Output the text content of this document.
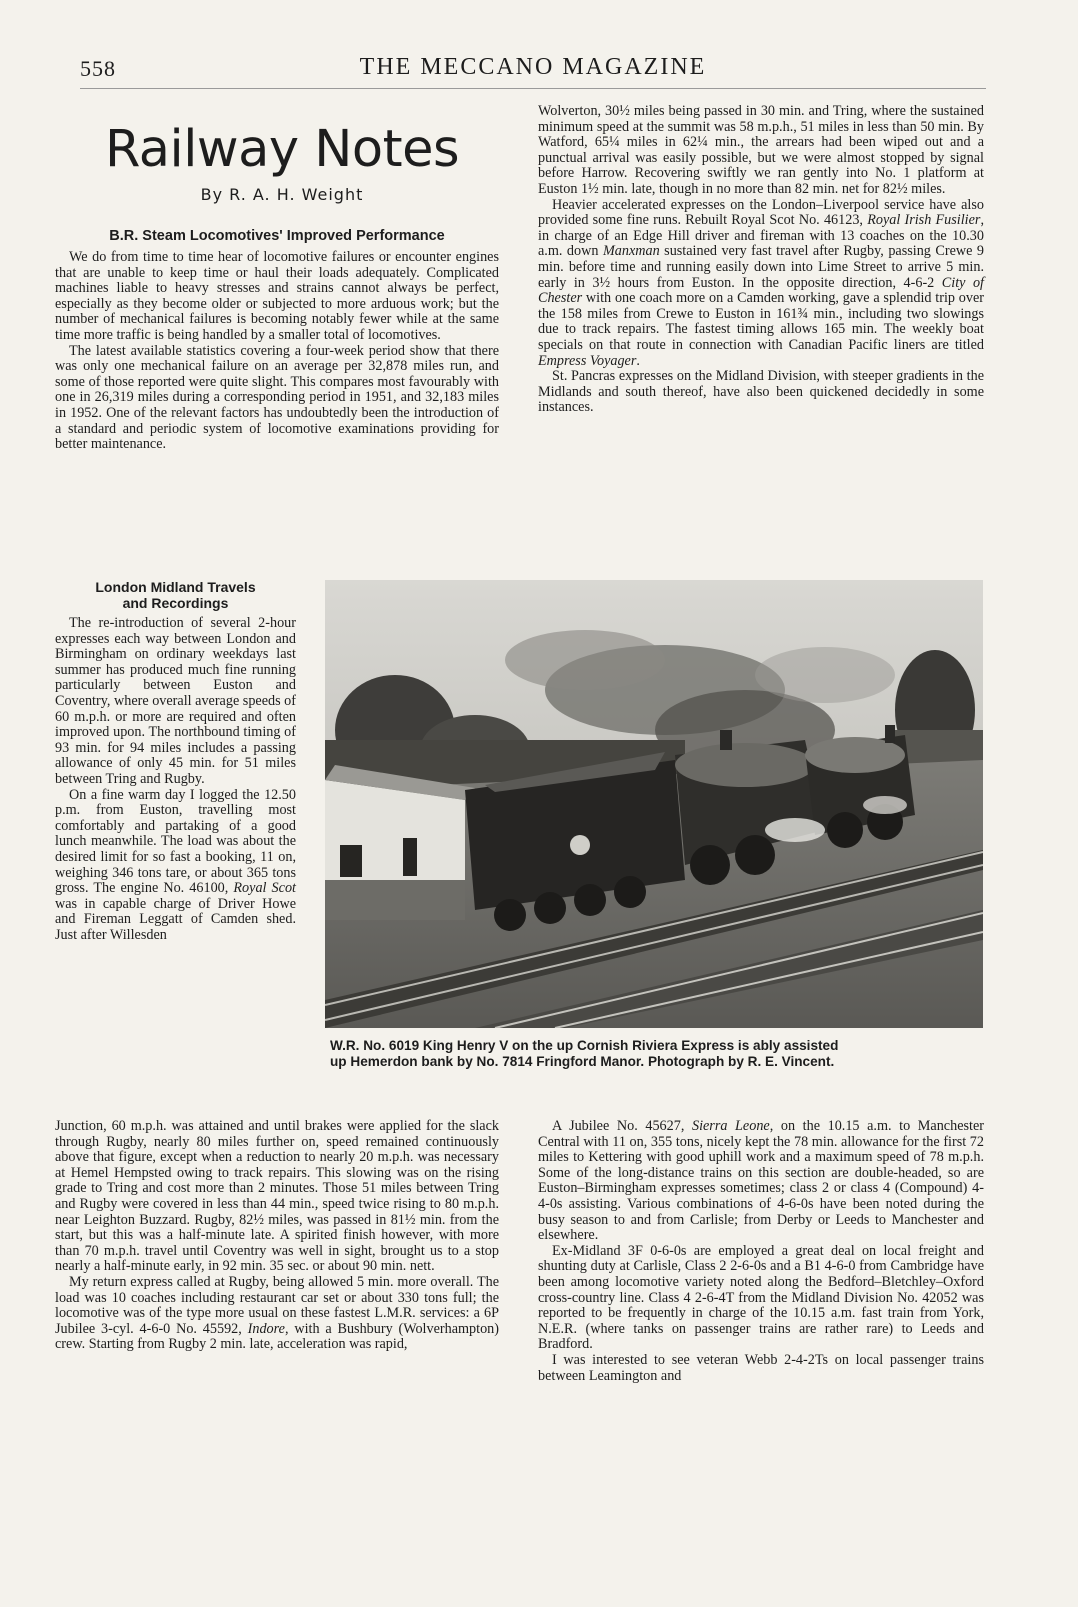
558	THE MECCANO MAGAZINE
Railway Notes
By R. A. H. Weight

B.R. Steam Locomotives' Improved Performance

We do from time to time hear of locomotive failures or encounter engines that are unable to keep time or haul their loads adequately. Complicated machines liable to heavy stresses and strains cannot always be perfect, especially as they become older or subjected to more arduous work; but the number of mechanical failures is becoming notably fewer while at the same time more traffic is being handled by a smaller total of locomotives.

The latest available statistics covering a four-week period show that there was only one mechanical failure on an average per 32,878 miles run, and some of those reported were quite slight. This compares most favourably with one in 26,319 miles during a corresponding period in 1951, and 32,183 miles in 1952. One of the relevant factors has undoubtedly been the introduction of a standard and periodic system of locomotive examinations providing for better maintenance.

Wolverton, 30½ miles being passed in 30 min. and Tring, where the sustained minimum speed at the summit was 58 m.p.h., 51 miles in less than 50 min. By Watford, 65¼ miles in 62¼ min., the arrears had been wiped out and a punctual arrival was easily possible, but we were almost stopped by signal before Harrow. Recovering swiftly we ran gently into No. 1 platform at Euston 1½ min. late, though in no more than 82 min. net for 82½ miles.

Heavier accelerated expresses on the London–Liverpool service have also provided some fine runs. Rebuilt Royal Scot No. 46123, Royal Irish Fusilier, in charge of an Edge Hill driver and fireman with 13 coaches on the 10.30 a.m. down Manxman sustained very fast travel after Rugby, passing Crewe 9 min. before time and running easily down into Lime Street to arrive 5 min. early in 3½ hours from Euston. In the opposite direction, 4-6-2 City of Chester with one coach more on a Camden working, gave a splendid trip over the 158 miles from Crewe to Euston in 161¾ min., including two slowings due to track repairs. The fastest timing allows 165 min. The weekly boat specials on that route in connection with Canadian Pacific liners are titled Empress Voyager.

St. Pancras expresses on the Midland Division, with steeper gradients in the Midlands and south thereof, have also been quickened decidedly in some instances.

London Midland Travels
and Recordings

The re-introduction of several 2-hour expresses each way between London and Birmingham on ordinary weekdays last summer has produced much fine running particularly between Euston and Coventry, where overall average speeds of 60 m.p.h. or more are required and often improved upon. The northbound timing of 93 min. for 94 miles includes a passing allowance of only 45 min. for 51 miles between Tring and Rugby.

On a fine warm day I logged the 12.50 p.m. from Euston, travelling most comfortably and partaking of a good lunch meanwhile. The load was about the desired limit for so fast a booking, 11 on, weighing 346 tons tare, or about 365 tons gross. The engine No. 46100, Royal Scot was in capable charge of Driver Howe and Fireman Leggatt of Camden shed. Just after Willesden

W.R. No. 6019 King Henry V on the up Cornish Riviera Express is ably assisted
up Hemerdon bank by No. 7814 Fringford Manor. Photograph by R. E. Vincent.

Junction, 60 m.p.h. was attained and until brakes were applied for the slack through Rugby, nearly 80 miles further on, speed remained continuously above that figure, except when a reduction to nearly 20 m.p.h. was necessary at Hemel Hempsted owing to track repairs. This slowing was on the rising grade to Tring and cost more than 2 minutes. Those 51 miles between Tring and Rugby were covered in less than 44 min., speed twice rising to 80 m.p.h. near Leighton Buzzard. Rugby, 82½ miles, was passed in 81½ min. from the start, but this was a half-minute late. A spirited finish however, with more than 70 m.p.h. travel until Coventry was well in sight, brought us to a stop nearly a half-minute early, in 92 min. 35 sec. or about 90 min. nett.

My return express called at Rugby, being allowed 5 min. more overall. The load was 10 coaches including restaurant car set or about 330 tons full; the locomotive was of the type more usual on these fastest L.M.R. services: a 6P Jubilee 3-cyl. 4-6-0 No. 45592, Indore, with a Bushbury (Wolverhampton) crew. Starting from Rugby 2 min. late, acceleration was rapid,

A Jubilee No. 45627, Sierra Leone, on the 10.15 a.m. to Manchester Central with 11 on, 355 tons, nicely kept the 78 min. allowance for the first 72 miles to Kettering with good uphill work and a maximum speed of 78 m.p.h. Some of the long-distance trains on this section are double-headed, so are Euston–Birmingham expresses sometimes; class 2 or class 4 (Compound) 4-4-0s assisting. Various combinations of 4-6-0s have been noted during the busy season to and from Carlisle; from Derby or Leeds to Manchester and elsewhere.

Ex-Midland 3F 0-6-0s are employed a great deal on local freight and shunting duty at Carlisle, Class 2 2-6-0s and a B1 4-6-0 from Cambridge have been among locomotive variety noted along the Bedford–Bletchley–Oxford cross-country line. Class 4 2-6-4T from the Midland Division No. 42052 was reported to be frequently in charge of the 10.15 a.m. fast train from York, N.E.R. (where tanks on passenger trains are rather rare) to Leeds and Bradford.

I was interested to see veteran Webb 2-4-2Ts on local passenger trains between Leamington and
